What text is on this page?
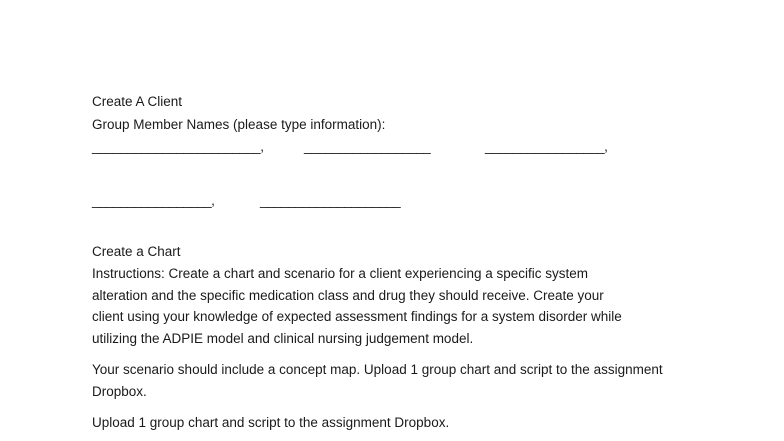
Create A Client
Group Member Names (please type information):
________________________,	__________________	_________________,
_________________,	____________________
Create a Chart
Instructions: Create a chart and scenario for a client experiencing a specific system
alteration and the specific medication class and drug they should receive. Create your
client using your knowledge of expected assessment findings for a system disorder while
utilizing the ADPIE model and clinical nursing judgement model.
Your scenario should include a concept map. Upload 1 group chart and script to the assignment
Dropbox.
Upload 1 group chart and script to the assignment Dropbox.
